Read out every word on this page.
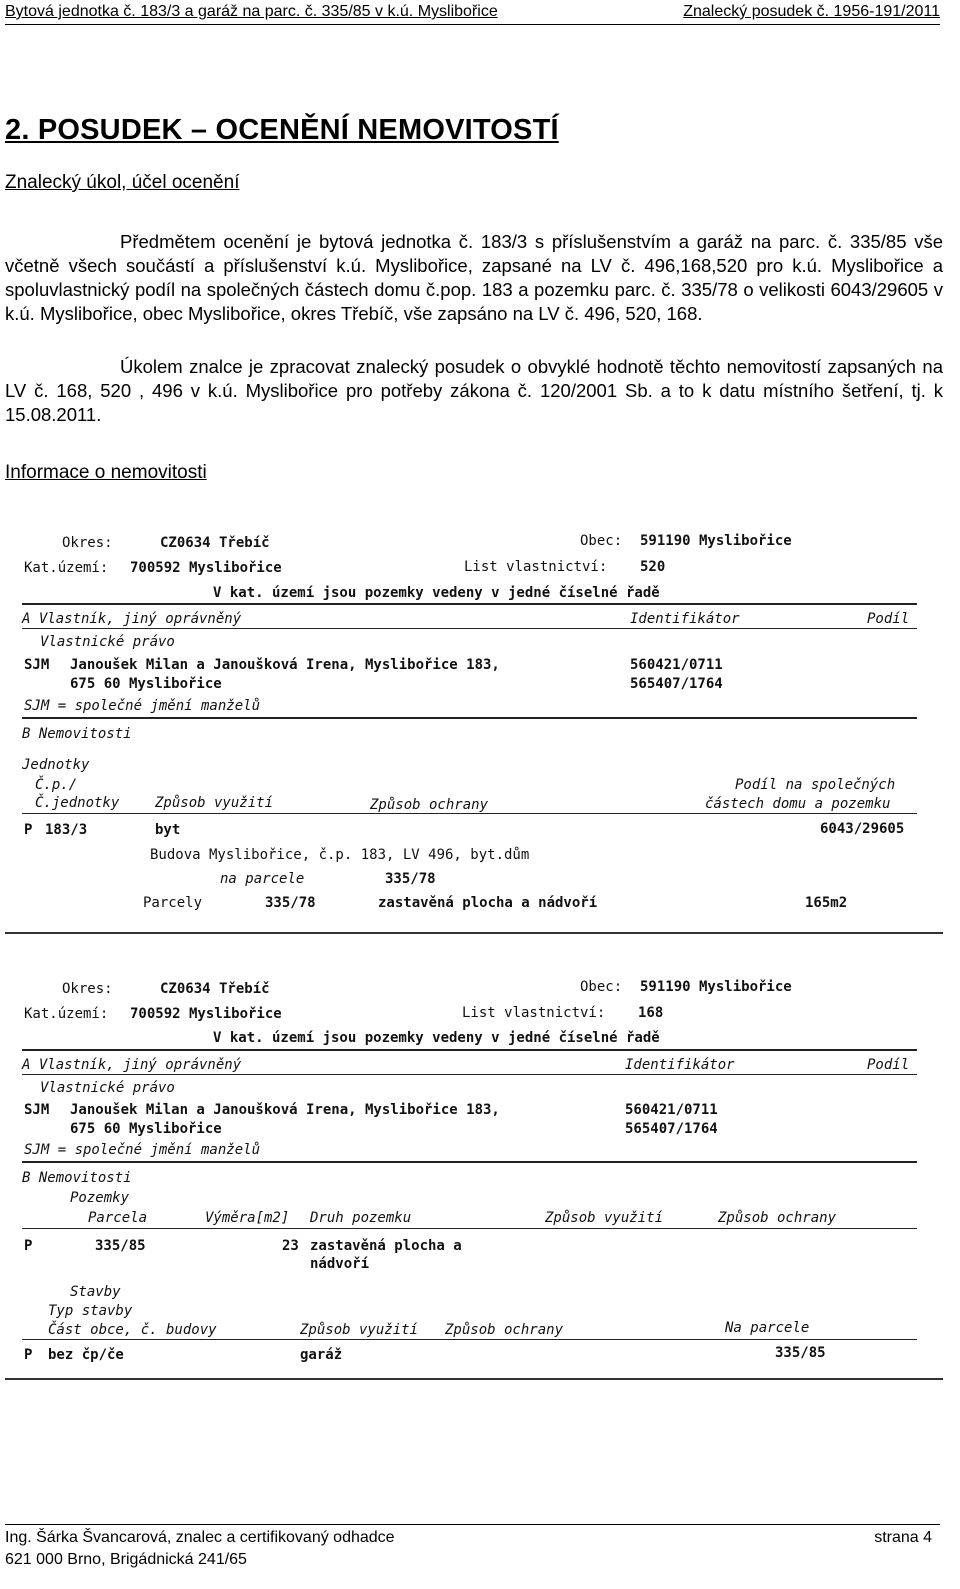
Bytová jednotka č. 183/3 a garáž na parc. č. 335/85 v k.ú. Myslibořice	Znalecký posudek č. 1956-191/2011
2. POSUDEK – OCENĚNÍ NEMOVITOSTÍ
Znalecký úkol, účel ocenění
Předmětem ocenění je bytová jednotka č. 183/3 s příslušenstvím a garáž na parc. č. 335/85 vše včetně všech součástí a příslušenství k.ú. Myslibořice, zapsané na LV č. 496,168,520 pro k.ú. Myslibořice a spoluvlastnický podíl na společných částech domu č.pop. 183 a pozemku parc. č. 335/78 o velikosti 6043/29605 v k.ú. Myslibořice, obec Myslibořice, okres Třebíč, vše zapsáno na LV č. 496, 520, 168.
Úkolem znalce je zpracovat znalecký posudek o obvyklé hodnotě těchto nemovitostí zapsaných na LV č. 168, 520 , 496 v k.ú. Myslibořice pro potřeby zákona č. 120/2001 Sb. a to k datu místního šetření, tj. k 15.08.2011.
Informace o nemovitosti
Okres:	CZ0634 Třebíč	Obec: 591190 Myslibořice
Kat.území: 700592 Myslibořice	List vlastnictví: 520
V kat. území jsou pozemky vedeny v jedné číselné řadě
A Vlastník, jiný oprávněný	Identifikátor	Podíl
Vlastnické právo
SJM Janoušek Milan a Janoušková Irena, Myslibořice 183,
675 60 Myslibořice
560421/0711
565407/1764
SJM = společné jmění manželů
B Nemovitosti
Jednotky
Č.p./
Č.jednotky	Způsob využití	Způsob ochrany
Podíl na společných
částech domu a pozemku
P 183/3	byt	6043/29605
Budova Myslibořice, č.p. 183, LV 496, byt.dům
na parcele	335/78
Parcely	335/78	zastavěná plocha a nádvoří	165m2
Okres:	CZ0634 Třebíč	Obec: 591190 Myslibořice
Kat.území: 700592 Myslibořice	List vlastnictví: 168
V kat. území jsou pozemky vedeny v jedné číselné řadě
A Vlastník, jiný oprávněný	Identifikátor	Podíl
Vlastnické právo
SJM Janoušek Milan a Janoušková Irena, Myslibořice 183,
675 60 Myslibořice
560421/0711
565407/1764
SJM = společné jmění manželů
B Nemovitosti
Pozemky
Parcela	Výměra[m2] Druh pozemku	Způsob využití	Způsob ochrany
P	335/85	23 zastavěná plocha a
nádvoří
Stavby
Typ stavby
Část obce, č. budovy	Způsob využití Způsob ochrany	Na parcele
P bez čp/če	garáž	335/85
Ing. Šárka Švancarová, znalec a certifikovaný odhadce
621 000 Brno, Brigádnická 241/65
strana 4
